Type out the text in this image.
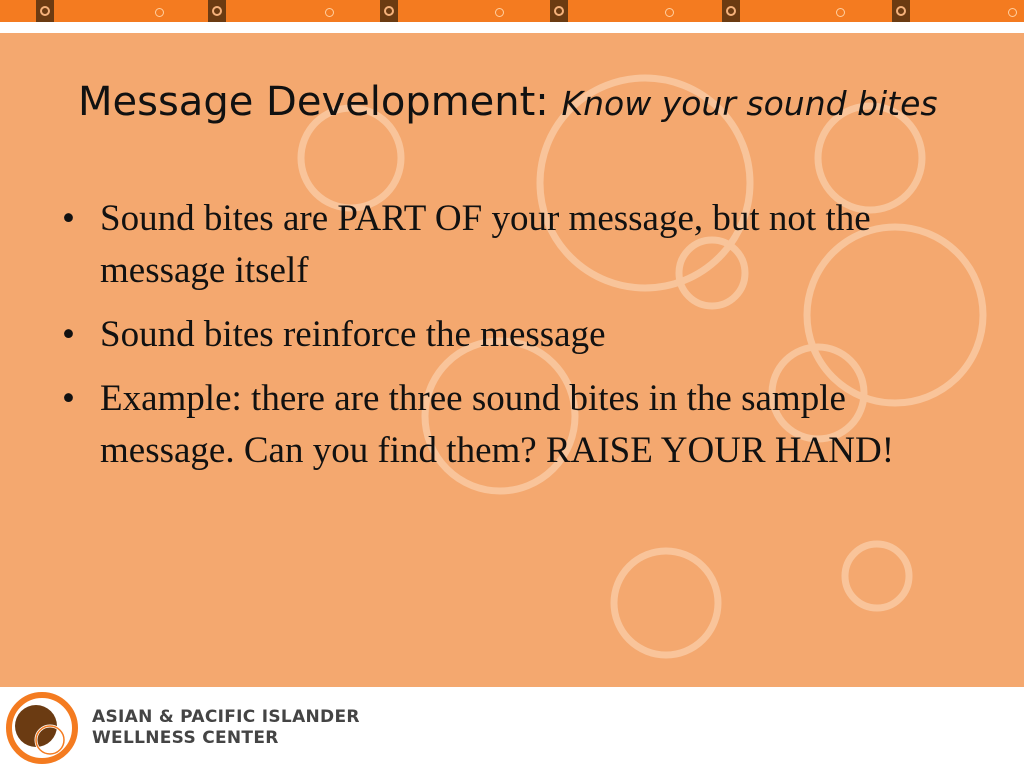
Message Development: Know your sound bites
• Sound bites are PART OF your message, but not the message itself
• Sound bites reinforce the message
• Example: there are three sound bites in the sample message. Can you find them? RAISE YOUR HAND!
ASIAN & PACIFIC ISLANDER
WELLNESS CENTER
